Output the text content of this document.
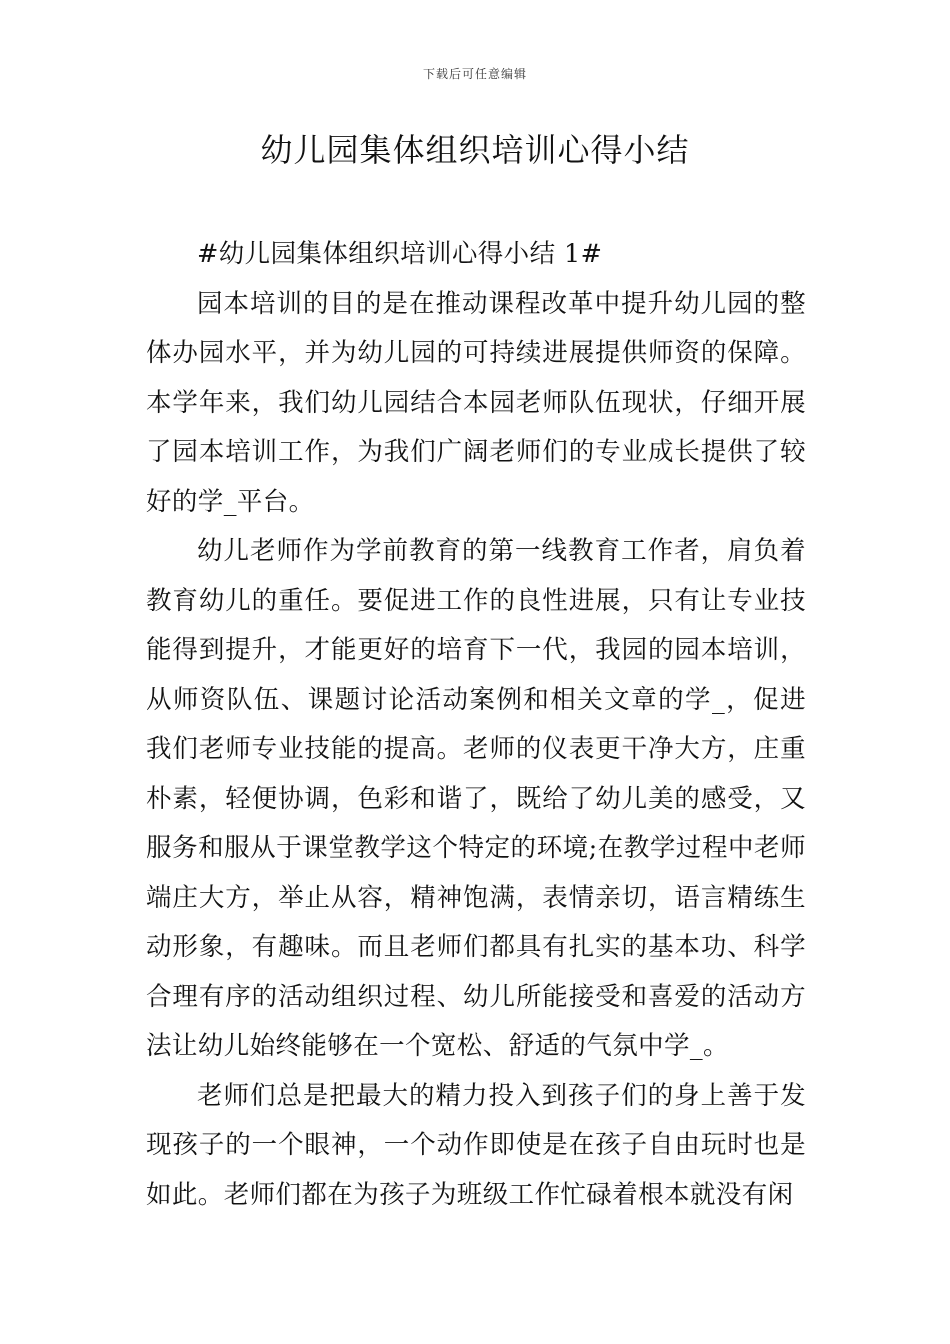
下载后可任意编辑
幼儿园集体组织培训心得小结

#幼儿园集体组织培训心得小结 1#

园本培训的目的是在推动课程改革中提升幼儿园的整体办园水平，并为幼儿园的可持续进展提供师资的保障。本学年来，我们幼儿园结合本园老师队伍现状，仔细开展了园本培训工作，为我们广阔老师们的专业成长提供了较好的学_平台。

幼儿老师作为学前教育的第一线教育工作者，肩负着教育幼儿的重任。要促进工作的良性进展，只有让专业技能得到提升，才能更好的培育下一代，我园的园本培训，从师资队伍、课题讨论活动案例和相关文章的学_，促进我们老师专业技能的提高。老师的仪表更干净大方，庄重朴素，轻便协调，色彩和谐了，既给了幼儿美的感受，又服务和服从于课堂教学这个特定的环境;在教学过程中老师端庄大方，举止从容，精神饱满，表情亲切，语言精练生动形象，有趣味。而且老师们都具有扎实的基本功、科学合理有序的活动组织过程、幼儿所能接受和喜爱的活动方法让幼儿始终能够在一个宽松、舒适的气氛中学_。

老师们总是把最大的精力投入到孩子们的身上善于发现孩子的一个眼神，一个动作即使是在孩子自由玩时也是如此。老师们都在为孩子为班级工作忙碌着根本就没有闲
